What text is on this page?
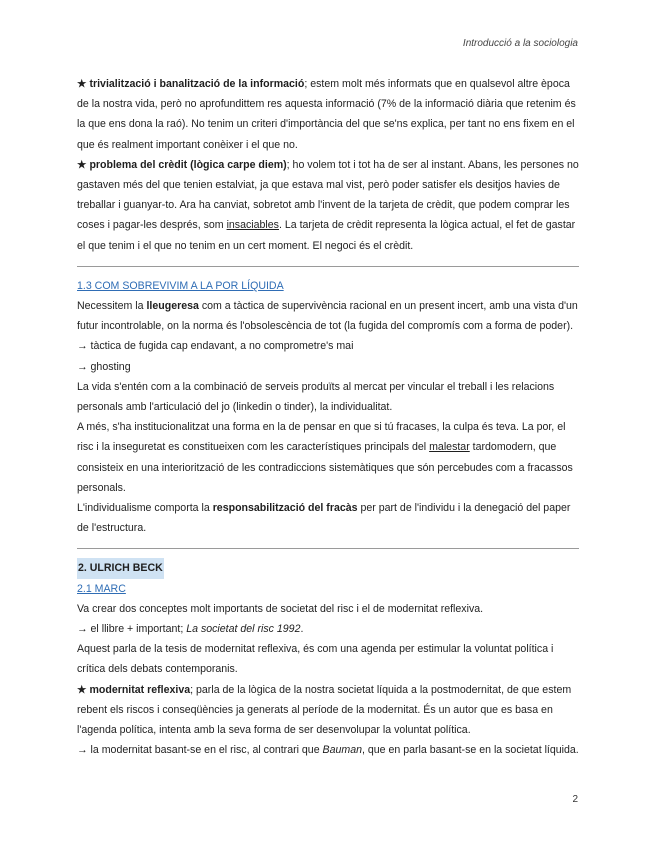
Introducció a la sociologia

★ trivialització i banalització de la informació; estem molt més informats que en qualsevol altre època de la nostra vida, però no aprofundittem res aquesta informació (7% de la informació diària que retenim és la que ens dona la raó). No tenim un criteri d'importància del que se'ns explica, per tant no ens fixem en el que és realment important conèixer i el que no.

★ problema del crèdit (lògica carpe diem); ho volem tot i tot ha de ser al instant. Abans, les persones no gastaven més del que tenien estalviat, ja que estava mal vist, però poder satisfer els desitjos havies de treballar i guanyar-to. Ara ha canviat, sobretot amb l'invent de la tarjeta de crèdit, que podem comprar les coses i pagar-les després, som insaciables. La tarjeta de crèdit representa la lògica actual, el fet de gastar el que tenim i el que no tenim en un cert moment. El negoci és el crèdit.

1.3 COM SOBREVIVIM A LA POR LÍQUIDA

Necessitem la lleugeresa com a tàctica de supervivència racional en un present incert, amb una vista d'un futur incontrolable, on la norma és l'obsolescència de tot (la fugida del compromís com a forma de poder).

→ tàctica de fugida cap endavant, a no comprometre's mai

→ ghosting

La vida s'entén com a la combinació de serveis produïts al mercat per vincular el treball i les relacions personals amb l'articulació del jo (linkedin o tinder), la individualitat.

A més, s'ha institucionalitzat una forma en la de pensar en que si tú fracases, la culpa és teva. La por, el risc i la inseguretat es constitueixen com les característiques principals del malestar tardomodern, que consisteix en una interiorització de les contradiccions sistemàtiques que són percebudes com a fracassos personals.

L'individualisme comporta la responsabilització del fracàs per part de l'individu i la denegació del paper de l'estructura.

2. ULRICH BECK

2.1 MARC

Va crear dos conceptes molt importants de societat del risc i el de modernitat reflexiva.

→ el llibre + important; La societat del risc 1992.

Aquest parla de la tesis de modernitat reflexiva, és com una agenda per estimular la voluntat política i crítica dels debats contemporanis.

★ modernitat reflexiva; parla de la lògica de la nostra societat líquida a la postmodernitat, de que estem rebent els riscos i conseqüències ja generats al període de la modernitat. És un autor que es basa en l'agenda política, intenta amb la seva forma de ser desenvolupar la voluntat política.

→ la modernitat basant-se en el risc, al contrari que Bauman, que en parla basant-se en la societat líquida.

2
